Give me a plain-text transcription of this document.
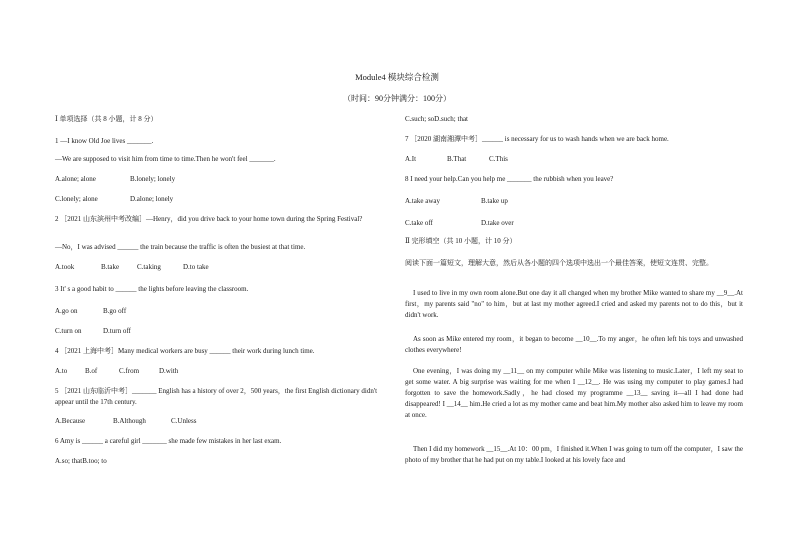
Module4 模块综合检测
（时间：90分钟满分：100分）
Ⅰ 单项选择（共 8 小题，计 8 分）
1 —I know Old Joe lives _______.
—We are supposed to visit him from time to time.Then he won't feel _______.
A.alone; alone	B.lonely; lonely
C.lonely; alone	D.alone; lonely
2 ［2021 山东滨州中考改编］—Henry，did you drive back to your home town during the Spring Festival?
—No，I was advised ______ the train because the traffic is often the busiest at that time.
A.took	B.take	C.taking	D.to take
3 It' s a good habit to ______ the lights before leaving the classroom.
A.go on	B.go off
C.turn on	D.turn off
4 ［2021 上海中考］Many medical workers are busy ______ their work during lunch time.
A.to	B.of	C.from	D.with
5 ［2021 山东临沂中考］_______ English has a history of over 2，500 years，the first English dictionary didn't appear until the 17th century.
A.Because	B.Although	C.Unless
6 Amy is ______ a careful girl _______ she made few mistakes in her last exam.
A.so; thatB.too; to
C.such; soD.such; that
7 ［2020 湖南湘潭中考］______ is necessary for us to wash hands when we are back home.
A.It	B.That	C.This
8 I need your help.Can you help me _______ the rubbish when you leave?
A.take away	B.take up
C.take off	D.take over
Ⅱ 完形填空（共 10 小题，计 10 分）
阅读下面一篇短文，理解大意，然后从各小题的四个选项中选出一个最佳答案，使短文连贯、完整。
I used to live in my own room alone.But one day it all changed when my brother Mike wanted to share my __9__.At first，my parents said "no" to him，but at last my mother agreed.I cried and asked my parents not to do this，but it didn't work.
As soon as Mike entered my room，it began to become __10__.To my anger，he often left his toys and unwashed clothes everywhere!
One evening，I was doing my __11__ on my computer while Mike was listening to music.Later，I left my seat to get some water. A big surprise was waiting for me when I __12__. He was using my computer to play games.I had forgotten to save the homework.Sadly，he had closed my programme __13__ saving it—all I had done had disappeared! I __14__ him.He cried a lot as my mother came and beat him.My mother also asked him to leave my room at once.
Then I did my homework __15__.At 10：00 pm，I finished it.When I was going to turn off the computer，I saw the photo of my brother that he had put on my table.I looked at his lovely face and
